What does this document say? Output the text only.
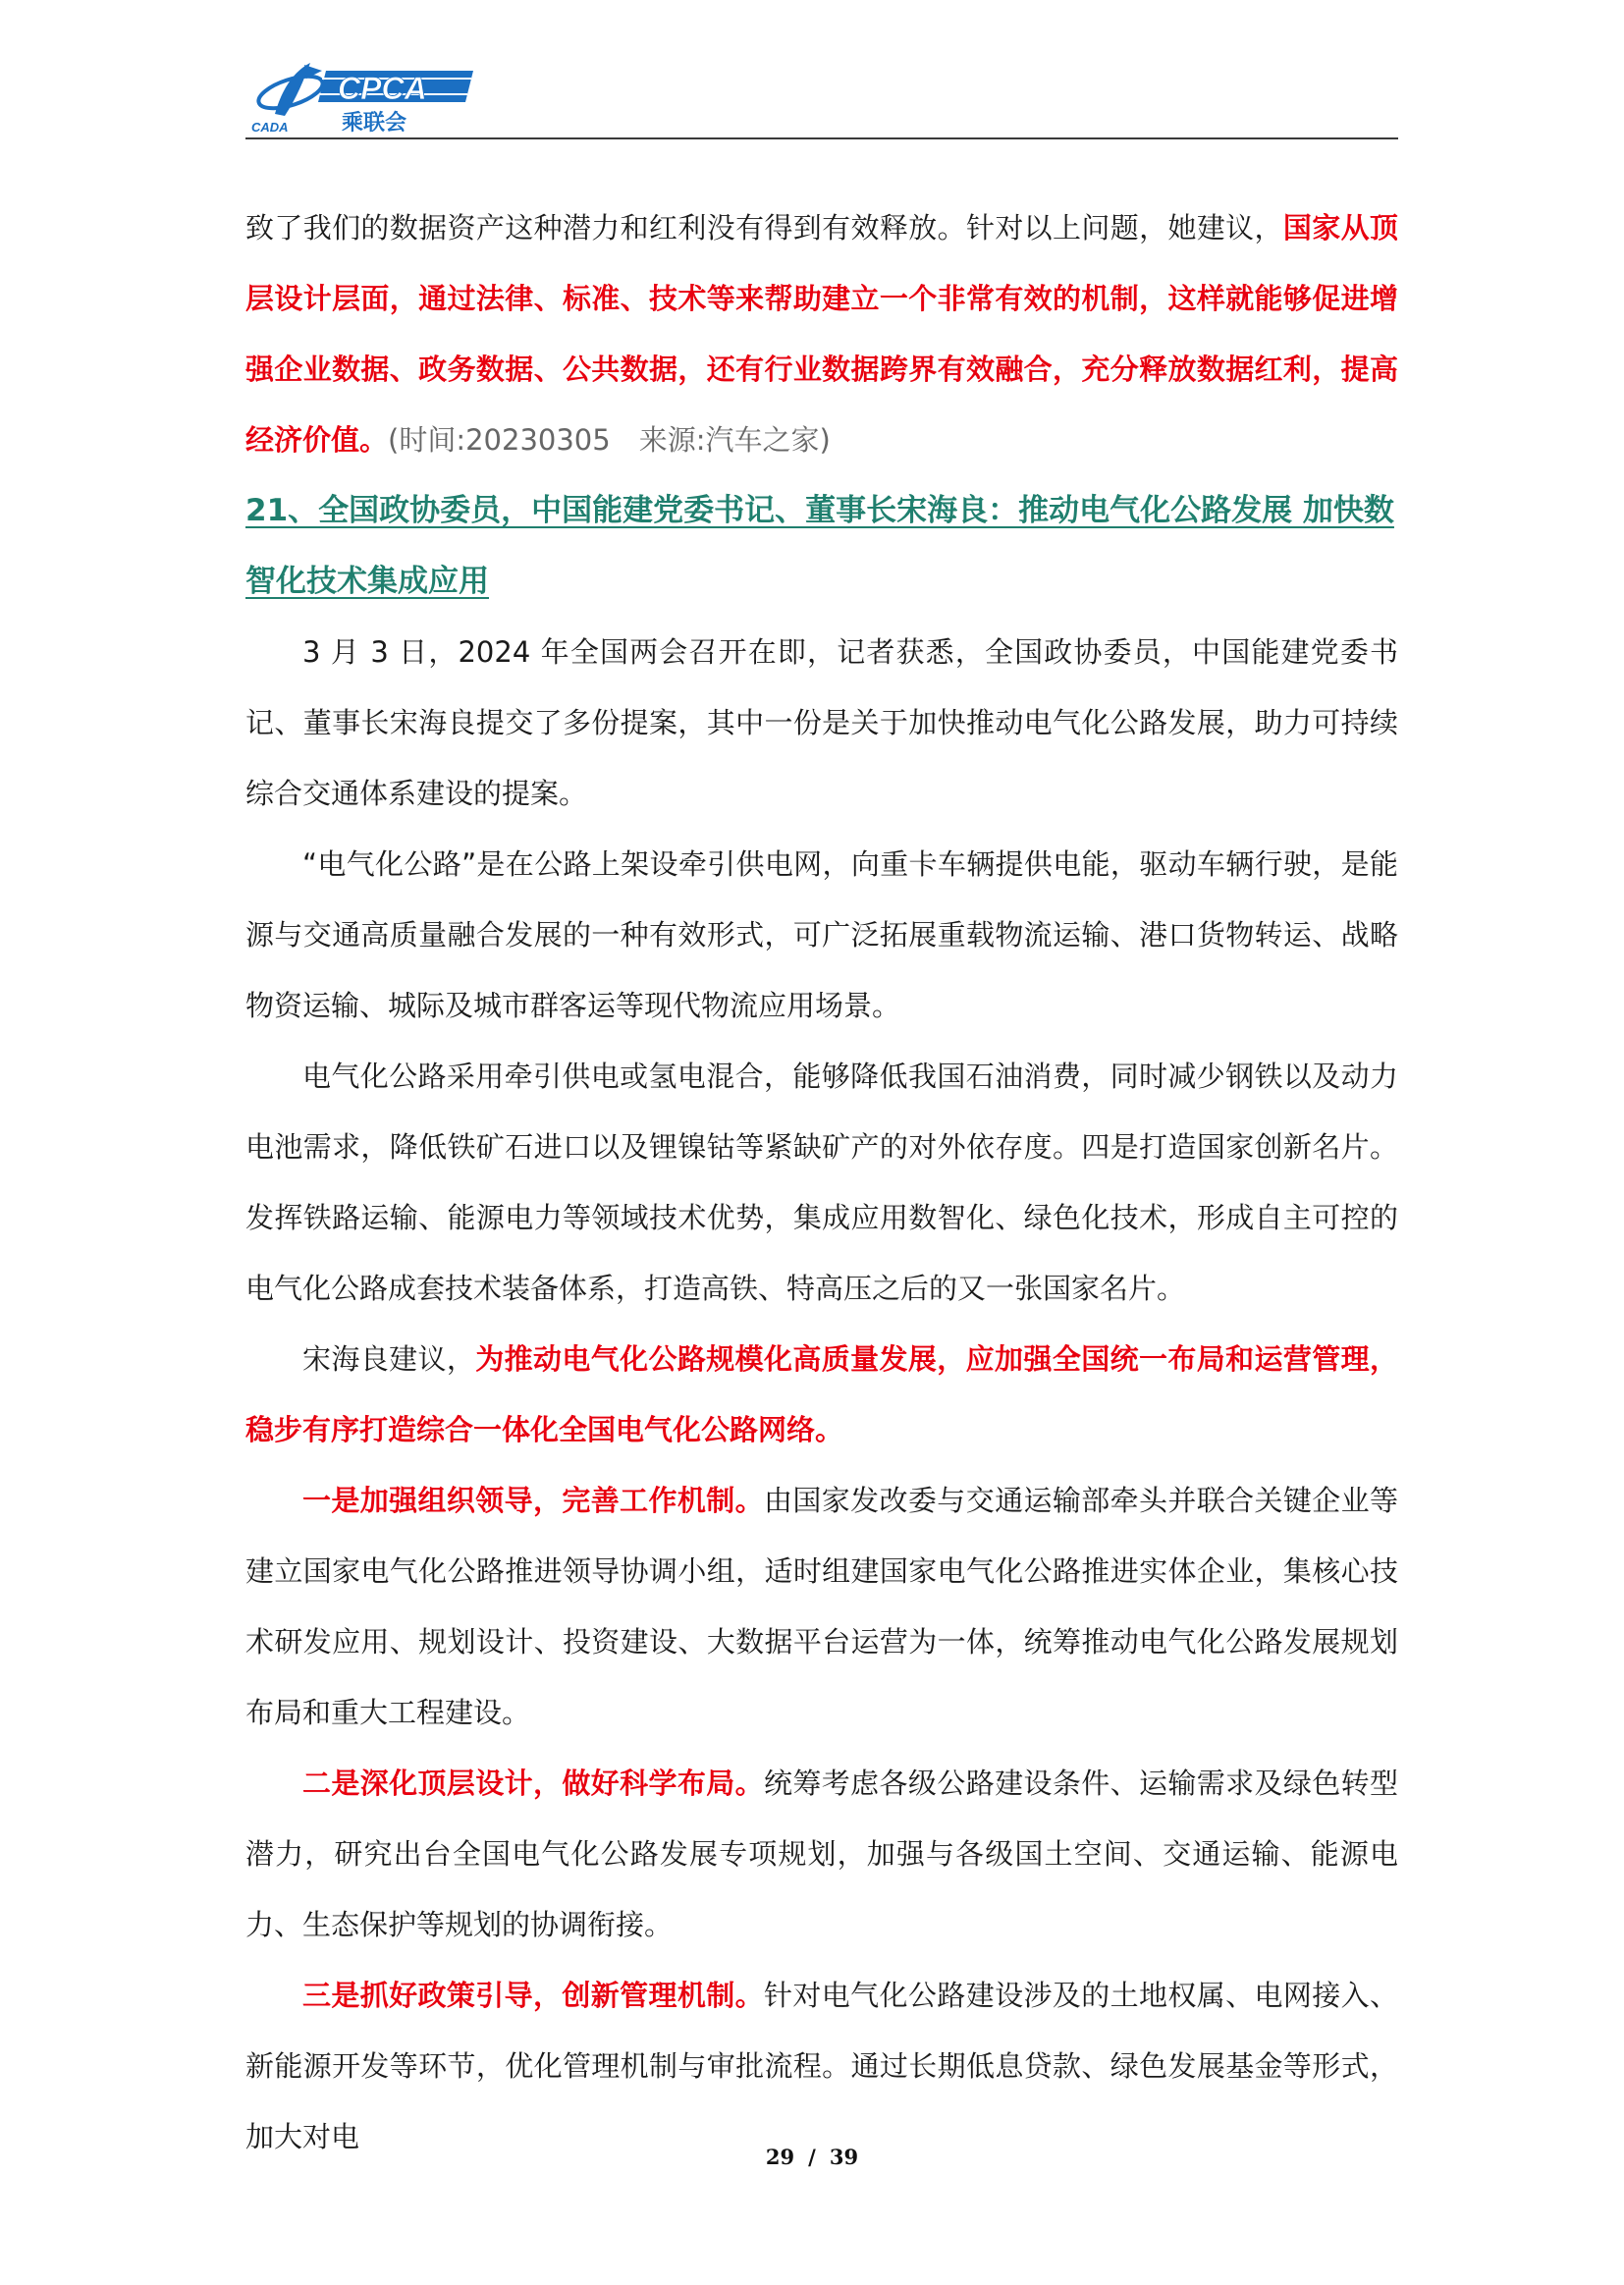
CADA
CPCA
乘联会

致了我们的数据资产这种潜力和红利没有得到有效释放。针对以上问题，她建议，国家从顶层设计层面，通过法律、标准、技术等来帮助建立一个非常有效的机制，这样就能够促进增强企业数据、政务数据、公共数据，还有行业数据跨界有效融合，充分释放数据红利，提高经济价值。(时间:20230305　来源:汽车之家)

21、全国政协委员，中国能建党委书记、董事长宋海良：推动电气化公路发展 加快数智化技术集成应用

3 月 3 日，2024 年全国两会召开在即，记者获悉，全国政协委员，中国能建党委书记、董事长宋海良提交了多份提案，其中一份是关于加快推动电气化公路发展，助力可持续综合交通体系建设的提案。

“电气化公路”是在公路上架设牵引供电网，向重卡车辆提供电能，驱动车辆行驶，是能源与交通高质量融合发展的一种有效形式，可广泛拓展重载物流运输、港口货物转运、战略物资运输、城际及城市群客运等现代物流应用场景。

电气化公路采用牵引供电或氢电混合，能够降低我国石油消费，同时减少钢铁以及动力电池需求，降低铁矿石进口以及锂镍钴等紧缺矿产的对外依存度。四是打造国家创新名片。发挥铁路运输、能源电力等领域技术优势，集成应用数智化、绿色化技术，形成自主可控的电气化公路成套技术装备体系，打造高铁、特高压之后的又一张国家名片。

宋海良建议，为推动电气化公路规模化高质量发展，应加强全国统一布局和运营管理，稳步有序打造综合一体化全国电气化公路网络。

一是加强组织领导，完善工作机制。由国家发改委与交通运输部牵头并联合关键企业等建立国家电气化公路推进领导协调小组，适时组建国家电气化公路推进实体企业，集核心技术研发应用、规划设计、投资建设、大数据平台运营为一体，统筹推动电气化公路发展规划布局和重大工程建设。

二是深化顶层设计，做好科学布局。统筹考虑各级公路建设条件、运输需求及绿色转型潜力，研究出台全国电气化公路发展专项规划，加强与各级国土空间、交通运输、能源电力、生态保护等规划的协调衔接。

三是抓好政策引导，创新管理机制。针对电气化公路建设涉及的土地权属、电网接入、新能源开发等环节，优化管理机制与审批流程。通过长期低息贷款、绿色发展基金等形式，加大对电

29 / 39
